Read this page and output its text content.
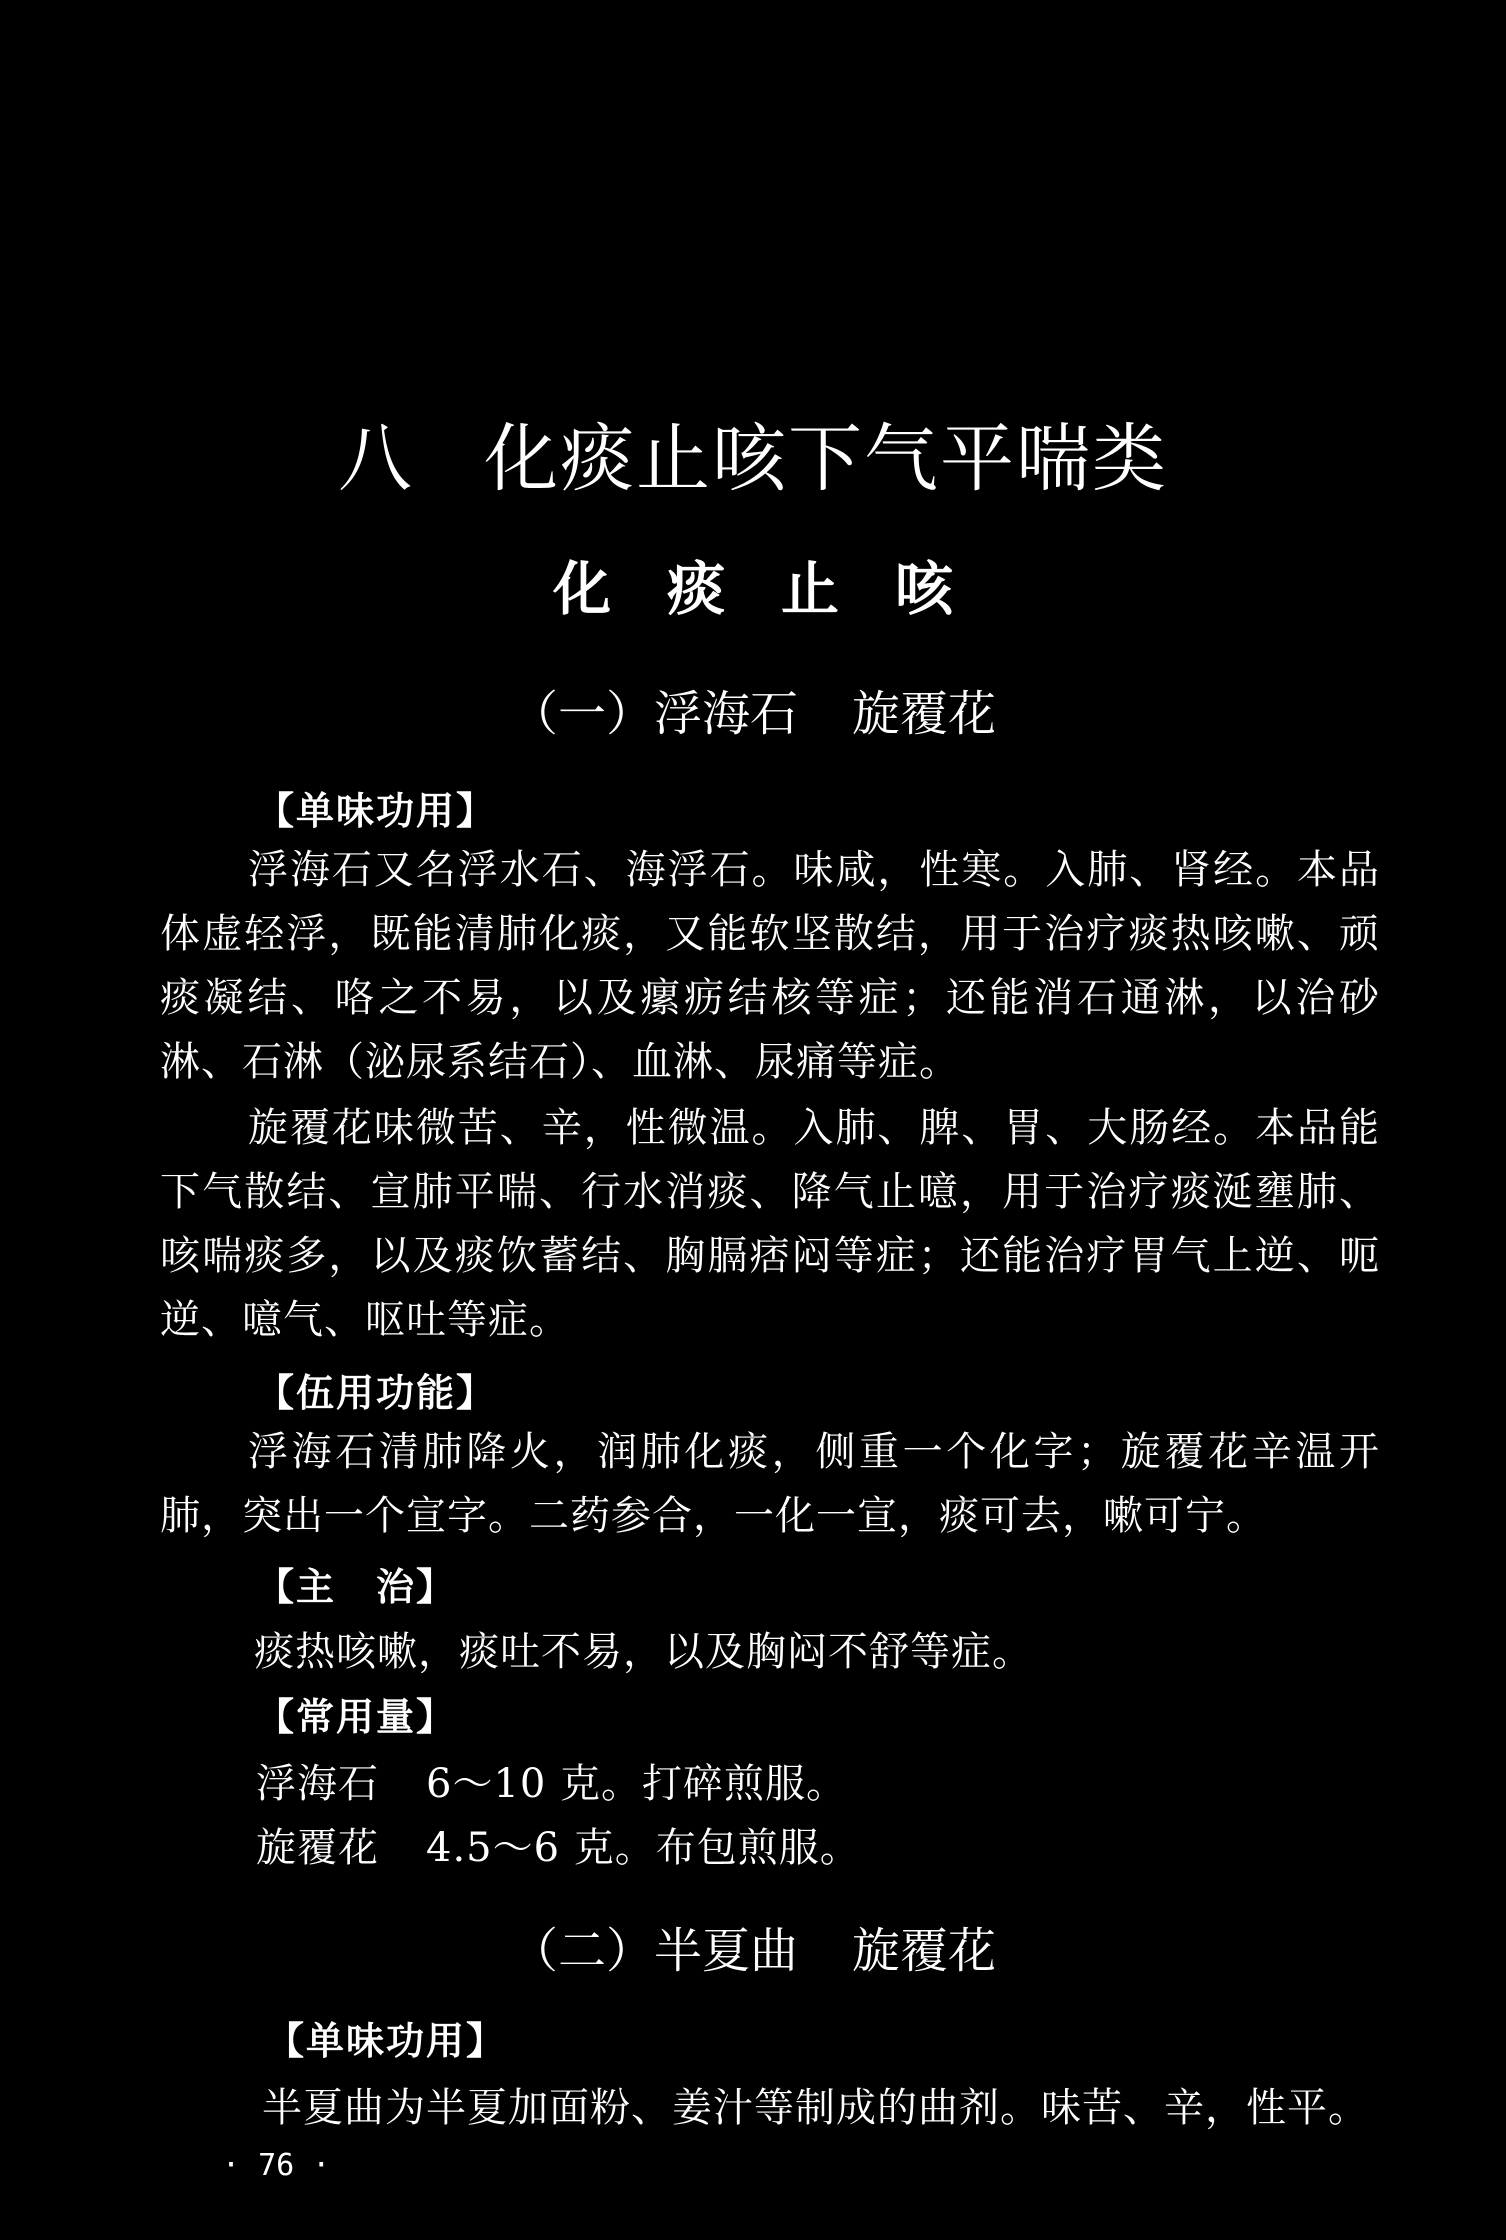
八 化痰止咳下气平喘类
化痰止咳
（一）浮海石 旋覆花

【单味功用】

浮海石又名浮水石、海浮石。味咸，性寒。入肺、肾经。本品体虚轻浮，既能清肺化痰，又能软坚散结，用于治疗痰热咳嗽、顽痰凝结、咯之不易，以及瘰疬结核等症；还能消石通淋，以治砂淋、石淋（泌尿系结石）、血淋、尿痛等症。

旋覆花味微苦、辛，性微温。入肺、脾、胃、大肠经。本品能下气散结、宣肺平喘、行水消痰、降气止噫，用于治疗痰涎壅肺、咳喘痰多，以及痰饮蓄结、胸膈痞闷等症；还能治疗胃气上逆、呃逆、噫气、呕吐等症。

【伍用功能】

浮海石清肺降火，润肺化痰，侧重一个化字；旋覆花辛温开肺，突出一个宣字。二药参合，一化一宣，痰可去，嗽可宁。

【主　治】

痰热咳嗽，痰吐不易，以及胸闷不舒等症。

【常用量】

浮海石 6～10 克。打碎煎服。

旋覆花 4.5～6 克。布包煎服。

（二）半夏曲 旋覆花

【单味功用】

半夏曲为半夏加面粉、姜汁等制成的曲剂。味苦、辛，性平。

· 76 ·
